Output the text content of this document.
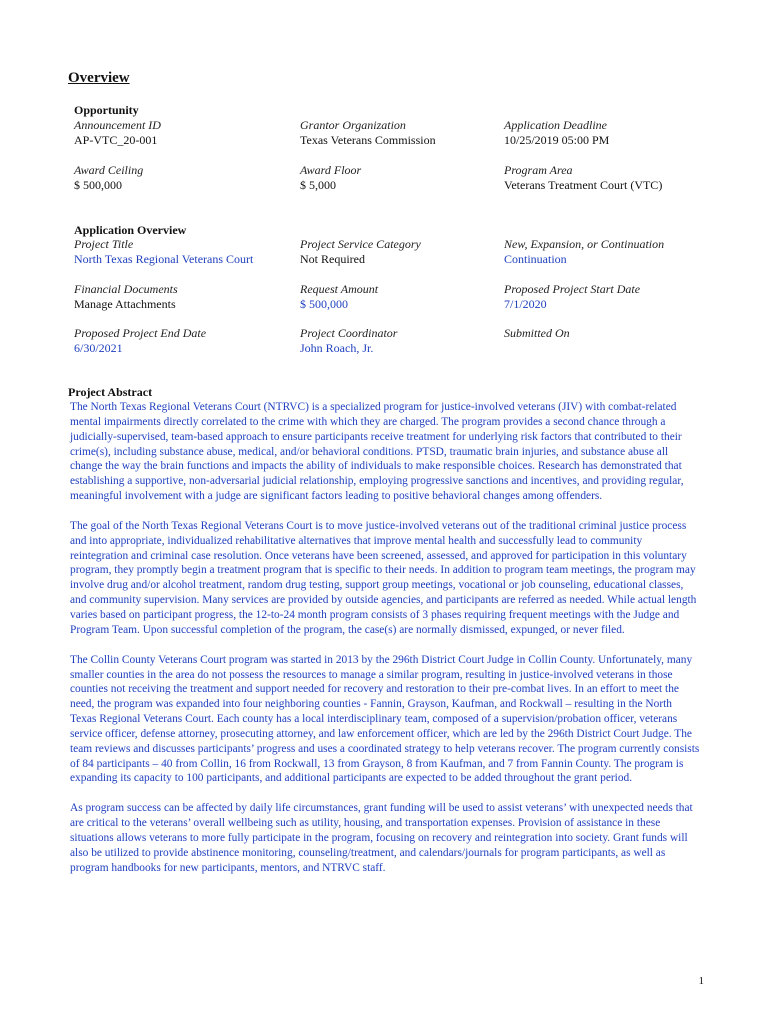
Overview
Opportunity
Announcement ID
AP-VTC_20-001
Grantor Organization
Texas Veterans Commission
Application Deadline
10/25/2019 05:00 PM
Award Ceiling
$ 500,000
Award Floor
$ 5,000
Program Area
Veterans Treatment Court (VTC)
Application Overview
Project Title
North Texas Regional Veterans Court
Project Service Category
Not Required
New, Expansion, or Continuation
Continuation
Financial Documents
Manage Attachments
Request Amount
$ 500,000
Proposed Project Start Date
7/1/2020
Proposed Project End Date
6/30/2021
Project Coordinator
John Roach, Jr.
Submitted On
Project Abstract

The North Texas Regional Veterans Court (NTRVC) is a specialized program for justice-involved veterans (JIV) with combat-related mental impairments directly correlated to the crime with which they are charged. The program provides a second chance through a judicially-supervised, team-based approach to ensure participants receive treatment for underlying risk factors that contributed to their crime(s), including substance abuse, medical, and/or behavioral conditions. PTSD, traumatic brain injuries, and substance abuse all change the way the brain functions and impacts the ability of individuals to make responsible choices. Research has demonstrated that establishing a supportive, non-adversarial judicial relationship, employing progressive sanctions and incentives, and providing regular, meaningful involvement with a judge are significant factors leading to positive behavioral changes among offenders.

The goal of the North Texas Regional Veterans Court is to move justice-involved veterans out of the traditional criminal justice process and into appropriate, individualized rehabilitative alternatives that improve mental health and successfully lead to community reintegration and criminal case resolution. Once veterans have been screened, assessed, and approved for participation in this voluntary program, they promptly begin a treatment program that is specific to their needs. In addition to program team meetings, the program may involve drug and/or alcohol treatment, random drug testing, support group meetings, vocational or job counseling, educational classes, and community supervision. Many services are provided by outside agencies, and participants are referred as needed. While actual length varies based on participant progress, the 12-to-24 month program consists of 3 phases requiring frequent meetings with the Judge and Program Team. Upon successful completion of the program, the case(s) are normally dismissed, expunged, or never filed.

The Collin County Veterans Court program was started in 2013 by the 296th District Court Judge in Collin County. Unfortunately, many smaller counties in the area do not possess the resources to manage a similar program, resulting in justice-involved veterans in those counties not receiving the treatment and support needed for recovery and restoration to their pre-combat lives. In an effort to meet the need, the program was expanded into four neighboring counties - Fannin, Grayson, Kaufman, and Rockwall – resulting in the North Texas Regional Veterans Court. Each county has a local interdisciplinary team, composed of a supervision/probation officer, veterans service officer, defense attorney, prosecuting attorney, and law enforcement officer, which are led by the 296th District Court Judge. The team reviews and discusses participants’ progress and uses a coordinated strategy to help veterans recover. The program currently consists of 84 participants – 40 from Collin, 16 from Rockwall, 13 from Grayson, 8 from Kaufman, and 7 from Fannin County. The program is expanding its capacity to 100 participants, and additional participants are expected to be added throughout the grant period.

As program success can be affected by daily life circumstances, grant funding will be used to assist veterans’ with unexpected needs that are critical to the veterans’ overall wellbeing such as utility, housing, and transportation expenses. Provision of assistance in these situations allows veterans to more fully participate in the program, focusing on recovery and reintegration into society. Grant funds will also be utilized to provide abstinence monitoring, counseling/treatment, and calendars/journals for program participants, as well as program handbooks for new participants, mentors, and NTRVC staff.

1
